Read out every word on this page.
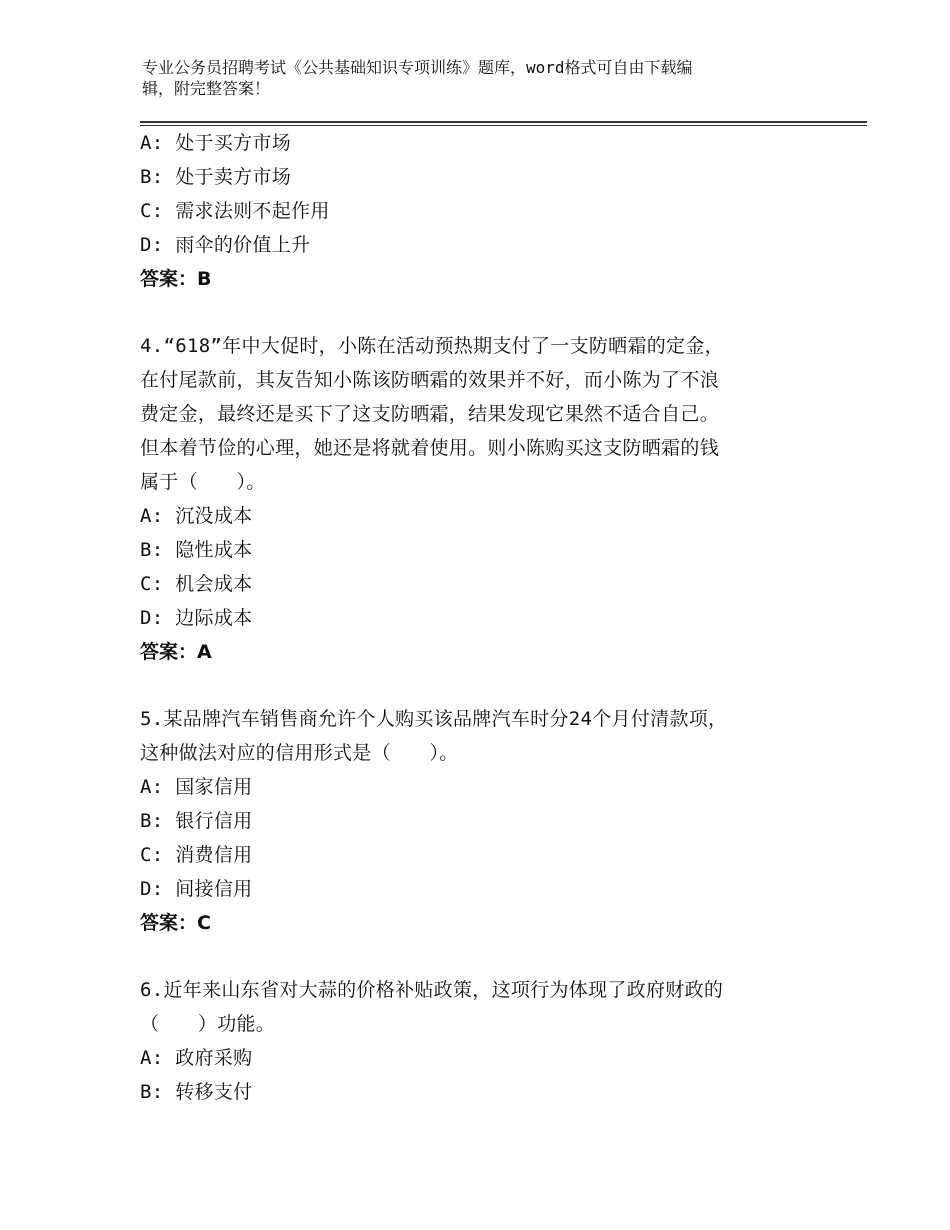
专业公务员招聘考试《公共基础知识专项训练》题库，word格式可自由下载编
辑，附完整答案！
A: 处于买方市场
B: 处于卖方市场
C: 需求法则不起作用
D: 雨伞的价值上升
答案：B
4.“618”年中大促时，小陈在活动预热期支付了一支防晒霜的定金，
在付尾款前，其友告知小陈该防晒霜的效果并不好，而小陈为了不浪
费定金，最终还是买下了这支防晒霜，结果发现它果然不适合自己。
但本着节俭的心理，她还是将就着使用。则小陈购买这支防晒霜的钱
属于（　　）。
A: 沉没成本
B: 隐性成本
C: 机会成本
D: 边际成本
答案：A
5.某品牌汽车销售商允许个人购买该品牌汽车时分24个月付清款项，
这种做法对应的信用形式是（　　）。
A: 国家信用
B: 银行信用
C: 消费信用
D: 间接信用
答案：C
6.近年来山东省对大蒜的价格补贴政策，这项行为体现了政府财政的
（　　）功能。
A: 政府采购
B: 转移支付
